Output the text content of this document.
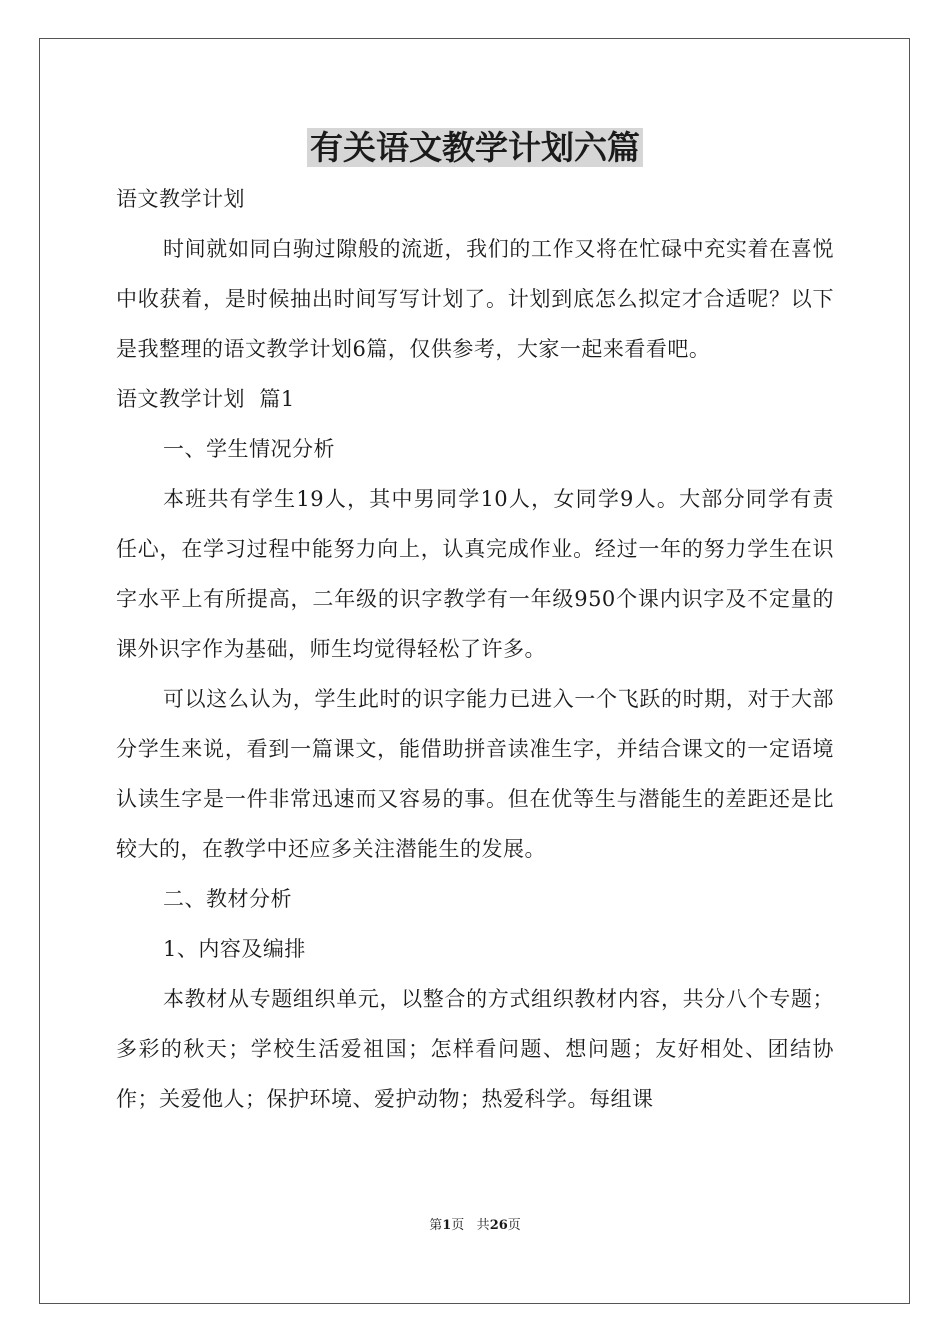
有关语文教学计划六篇

语文教学计划

时间就如同白驹过隙般的流逝，我们的工作又将在忙碌中充实着在喜悦中收获着，是时候抽出时间写写计划了。计划到底怎么拟定才合适呢？以下是我整理的语文教学计划6篇，仅供参考，大家一起来看看吧。

语文教学计划  篇1

一、学生情况分析

本班共有学生19人，其中男同学10人，女同学9人。大部分同学有责任心，在学习过程中能努力向上，认真完成作业。经过一年的努力学生在识字水平上有所提高，二年级的识字教学有一年级950个课内识字及不定量的课外识字作为基础，师生均觉得轻松了许多。

可以这么认为，学生此时的识字能力已进入一个飞跃的时期，对于大部分学生来说，看到一篇课文，能借助拼音读准生字，并结合课文的一定语境认读生字是一件非常迅速而又容易的事。但在优等生与潜能生的差距还是比较大的，在教学中还应多关注潜能生的发展。

二、教材分析

1、内容及编排

本教材从专题组织单元，以整合的方式组织教材内容，共分八个专题；多彩的秋天；学校生活爱祖国；怎样看问题、想问题；友好相处、团结协作；关爱他人；保护环境、爱护动物；热爱科学。每组课

第1页 共26页
